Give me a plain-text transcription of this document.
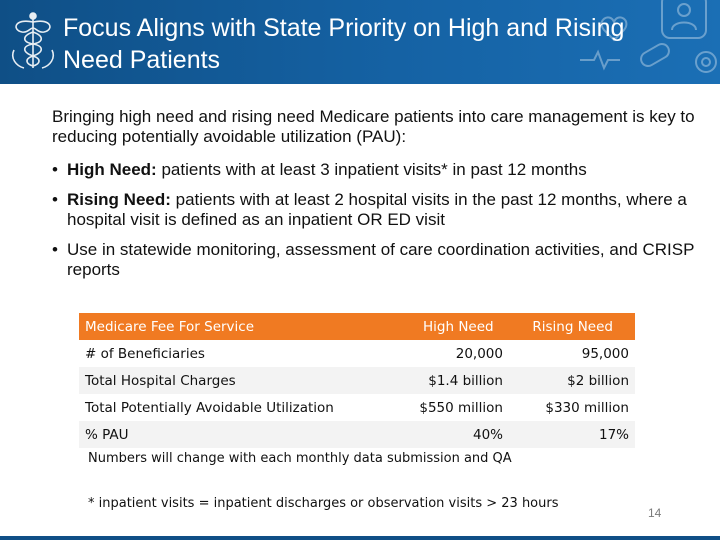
Focus Aligns with State Priority on High and Rising Need Patients
Bringing high need and rising need Medicare patients into care management is key to reducing potentially avoidable utilization (PAU):
• High Need: patients with at least 3 inpatient visits* in past 12 months
• Rising Need: patients with at least 2 hospital visits in the past 12 months, where a hospital visit is defined as an inpatient OR ED visit
• Use in statewide monitoring, assessment of care coordination activities, and CRISP reports
Medicare Fee For Service	High Need	Rising Need
# of Beneficiaries	20,000	95,000
Total Hospital Charges	$1.4 billion	$2 billion
Total Potentially Avoidable Utilization	$550 million	$330 million
% PAU	40%	17%
Numbers will change with each monthly data submission and QA
* inpatient visits = inpatient discharges or observation visits > 23 hours
14
